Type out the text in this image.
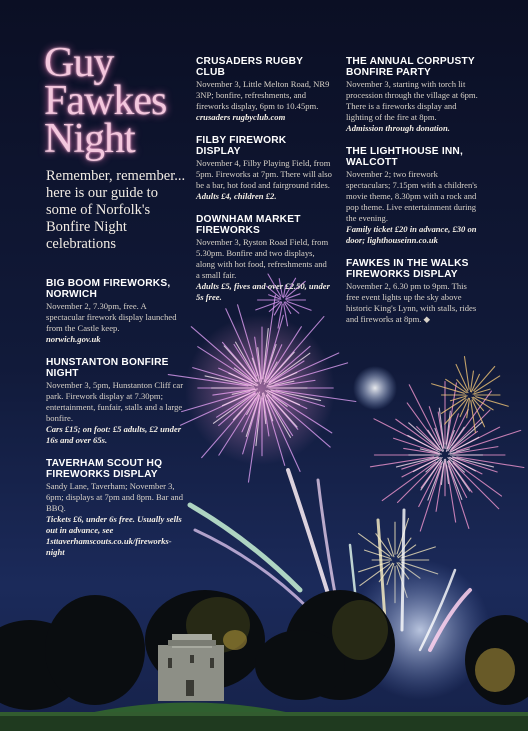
Guy
Fawkes
Night
Remember, remember... here is our guide to some of Norfolk's Bonfire Night celebrations
BIG BOOM FIREWORKS, NORWICH

November 2, 7.30pm, free. A spectacular firework display launched from the Castle keep.

norwich.gov.uk

HUNSTANTON BONFIRE NIGHT

November 3, 5pm, Hunstanton Cliff car park. Firework display at 7.30pm; entertainment, funfair, stalls and a large bonfire.

Cars £15; on foot: £5 adults, £2 under 16s and over 65s.

TAVERHAM SCOUT HQ FIREWORKS DISPLAY

Sandy Lane, Taverham; November 3, 6pm; displays at 7pm and 8pm. Bar and BBQ.

Tickets £6, under 6s free. Usually sells out in advance, see 1sttaverhamscouts.co.uk/fireworks-night

CRUSADERS RUGBY CLUB

November 3, Little Melton Road, NR9 3NP; bonfire, refreshments, and fireworks display, 6pm to 10.45pm.

crusaders rugbyclub.com

FILBY FIREWORK DISPLAY

November 4, Filby Playing Field, from 5pm. Fireworks at 7pm. There will also be a bar, hot food and fairground rides.

Adults £4, children £2.

DOWNHAM MARKET FIREWORKS

November 3, Ryston Road Field, from 5.30pm. Bonfire and two displays, along with hot food, refreshments and a small fair.

Adults £5, fives and over £2.50, under 5s free.

THE ANNUAL CORPUSTY BONFIRE PARTY

November 3, starting with torch lit procession through the village at 6pm. There is a fireworks display and lighting of the fire at 8pm.

Admission through donation.

THE LIGHTHOUSE INN, WALCOTT

November 2; two firework spectaculars; 7.15pm with a children's movie theme, 8.30pm with a rock and pop theme. Live entertainment during the evening.

Family ticket £20 in advance, £30 on door; lighthouseinn.co.uk

FAWKES IN THE WALKS FIREWORKS DISPLAY

November 2, 6.30 pm to 9pm. This free event lights up the sky above historic King's Lynn, with stalls, rides and fireworks at 8pm. ◆
